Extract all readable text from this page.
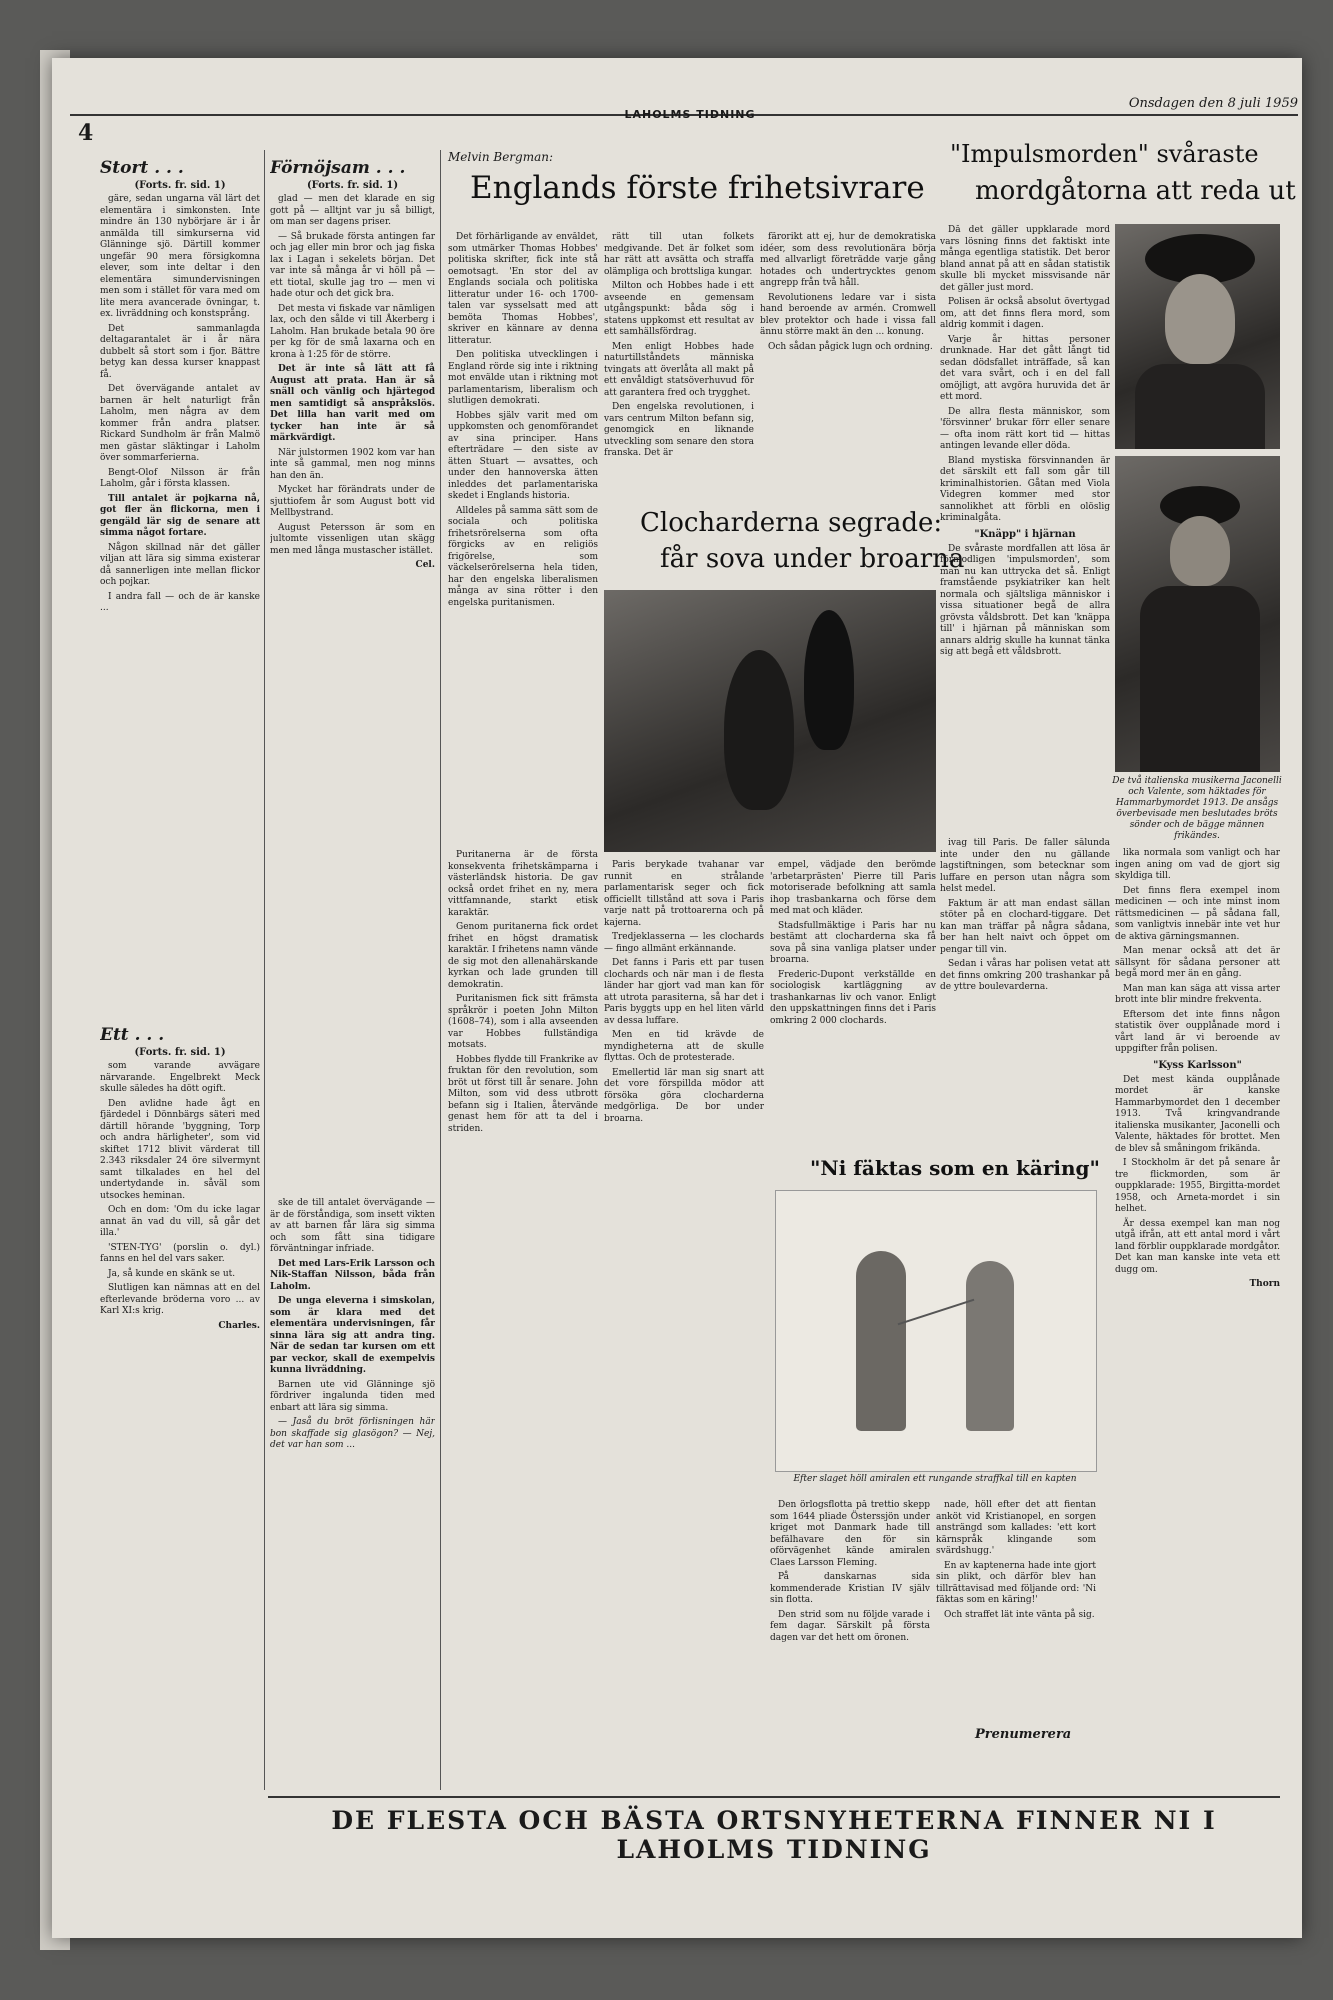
4
LAHOLMS TIDNING
Onsdagen den 8 juli 1959
Stort . . .
(Forts. fr. sid. 1)

gäre, sedan ungarna väl lärt det elementära i simkonsten. Inte mindre än 130 nybörjare är i år anmälda till simkurserna vid Glänninge sjö. Därtill kommer ungefär 90 mera försigkomna elever, som inte deltar i den elementära simundervisningen men som i stället för vara med om lite mera avancerade övningar, t. ex. livräddning och konstsprång.

Det sammanlagda deltagarantalet är i år nära dubbelt så stort som i fjor. Bättre betyg kan dessa kurser knappast få.

Det övervägande antalet av barnen är helt naturligt från Laholm, men några av dem kommer från andra platser. Rickard Sundholm är från Malmö men gästar släktingar i Laholm över sommarferierna.

Bengt-Olof Nilsson är från Laholm, går i första klassen.

Till antalet är pojkarna nå, got fler än flickorna, men i gengäld lär sig de senare att simma något fortare.

Någon skillnad när det gäller viljan att lära sig simma existerar då sannerligen inte mellan flickor och pojkar.

I andra fall — och de är kanske ...

Ett . . .
(Forts. fr. sid. 1)

som varande avvägare närvarande. Engelbrekt Meck skulle säledes ha dött ogift.

Den avlidne hade ågt en fjärdedel i Dönnbärgs säteri med därtill hörande 'byggning, Torp och andra härligheter', som vid skiftet 1712 blivit värderat till 2.343 riksdaler 24 öre silvermynt samt tilkalades en hel del undertydande in. såväl som utsockes heminan.

Och en dom: 'Om du icke lagar annat än vad du vill, så går det illa.'

'STEN-TYG' (porslin o. dyl.) fanns en hel del vars saker.

Ja, så kunde en skänk se ut.

Slutligen kan nämnas att en del efterlevande bröderna voro ... av Karl XI:s krig.

Charles.
Förnöjsam . . .
(Forts. fr. sid. 1)

glad — men det klarade en sig gott på — alltjnt var ju så billigt, om man ser dagens priser.

— Så brukade första antingen far och jag eller min bror och jag fiska lax i Lagan i sekelets början. Det var inte så många år vi höll på — ett tiotal, skulle jag tro — men vi hade otur och det gick bra.

Det mesta vi fiskade var nämligen lax, och den sålde vi till Åkerberg i Laholm. Han brukade betala 90 öre per kg för de små laxarna och en krona à 1:25 för de större.

Det är inte så lätt att få August att prata. Han är så snäll och vänlig och hjärtegod men samtidigt så anspråkslös. Det lilla han varit med om tycker han inte är så märkvärdigt.

När julstormen 1902 kom var han inte så gammal, men nog minns han den än.

Mycket har förändrats under de sjuttiofem år som August bott vid Mellbystrand.

August Petersson är som en jultomte vissenligen utan skägg men med långa mustascher istället.

Cel.

ske de till antalet övervägande — är de förståndiga, som insett vikten av att barnen får lära sig simma och som fått sina tidigare förväntningar infriade.

Det med Lars-Erik Larsson och Nik-Staffan Nilsson, båda från Laholm.

De unga eleverna i simskolan, som är klara med det elementära undervisningen, får sinna lära sig att andra ting. När de sedan tar kursen om ett par veckor, skall de exempelvis kunna livräddning.

Barnen ute vid Glänninge sjö fördriver ingalunda tiden med enbart att lära sig simma.

— Jaså du bröt förlisningen här bon skaffade sig glasögon? — Nej, det var han som ...

Melvin Bergman:
Englands förste frihetsivrare

Det förhärligande av envåldet, som utmärker Thomas Hobbes' politiska skrifter, fick inte stå oemotsagt. 'En stor del av Englands sociala och politiska litteratur under 16- och 1700-talen var sysselsatt med att bemöta Thomas Hobbes', skriver en kännare av denna litteratur.

Den politiska utvecklingen i England rörde sig inte i riktning mot envälde utan i riktning mot parlamentarism, liberalism och slutligen demokrati.

Hobbes själv varit med om uppkomsten och genomförandet av sina principer. Hans efterträdare — den siste av ätten Stuart — avsattes, och under den hannoverska ätten inleddes det parlamentariska skedet i Englands historia.

Alldeles på samma sätt som de sociala och politiska frihetsrörelserna som ofta förgicks av en religiös frigörelse, som väckelserörelserna hela tiden, har den engelska liberalismen många av sina rötter i den engelska puritanismen.

rätt till utan folkets medgivande. Det är folket som har rätt att avsätta och straffa olämpliga och brottsliga kungar.

Milton och Hobbes hade i ett avseende en gemensam utgångspunkt: båda sög i statens uppkomst ett resultat av ett samhällsfördrag.

Men enligt Hobbes hade naturtillståndets människa tvingats att överlåta all makt på ett envåldigt statsöverhuvud för att garantera fred och trygghet.

Den engelska revolutionen, i vars centrum Milton befann sig, genomgick en liknande utveckling som senare den stora franska. Det är

färorikt att ej, hur de demokratiska idéer, som dess revolutionära börja med allvarligt företrädde varje gång hotades och undertrycktes genom angrepp från två håll.

Revolutionens ledare var i sista hand beroende av armén. Cromwell blev protektor och hade i vissa fall ännu större makt än den ... konung.

Och sådan pågick lugn och ordning.

Puritanerna är de första konsekventa frihetskämparna i västerländsk historia. De gav också ordet frihet en ny, mera vittfamnande, starkt etisk karaktär.

Genom puritanerna fick ordet frihet en högst dramatisk karaktär. I frihetens namn vände de sig mot den allenahärskande kyrkan och lade grunden till demokratin.

Puritanismen fick sitt främsta språkrör i poeten John Milton (1608–74), som i alla avseenden var Hobbes fullständiga motsats.

Hobbes flydde till Frankrike av fruktan för den revolution, som bröt ut först till år senare. John Milton, som vid dess utbrott befann sig i Italien, återvände genast hem för att ta del i striden.

Clocharderna segrade:
får sova under broarna

Paris berykade tvahanar var runnit en strålande parlamentarisk seger och fick officiellt tillstånd att sova i Paris varje natt på trottoarerna och på kajerna.

Tredjeklasserna — les clochards — fingo allmänt erkännande.

Det fanns i Paris ett par tusen clochards och när man i de flesta länder har gjort vad man kan för att utrota parasiterna, så har det i Paris byggts upp en hel liten värld av dessa luffare.

Men en tid krävde de myndigheterna att de skulle flyttas. Och de protesterade.

Emellertid lär man sig snart att det vore förspillda mödor att försöka göra clocharderna medgörliga. De bor under broarna.

empel, vädjade den berömde 'arbetarprästen' Pierre till Paris motoriserade befolkning att samla ihop trasbankarna och förse dem med mat och kläder.

Stadsfullmäktige i Paris har nu bestämt att clocharderna ska få sova på sina vanliga platser under broarna.

Frederic-Dupont verkställde en sociologisk kartläggning av trashankarnas liv och vanor. Enligt den uppskattningen finns det i Paris omkring 2 000 clochards.

"Ni fäktas som en käring"
Efter slaget höll amiralen ett rungande straffkal till en kapten

Den örlogsflotta på trettio skepp som 1644 pliade Österssjön under kriget mot Danmark hade till befälhavare den för sin oförvägenhet kände amiralen Claes Larsson Fleming.

På danskarnas sida kommenderade Kristian IV själv sin flotta.

Den strid som nu följde varade i fem dagar. Särskilt på första dagen var det hett om öronen.

nade, höll efter det att fientan anköt vid Kristianopel, en sorgen ansträngd som kallades: 'ett kort kärnspråk klingande som svärdshugg.'

En av kaptenerna hade inte gjort sin plikt, och därför blev han tillrättavisad med följande ord: 'Ni fäktas som en käring!'

Och straffet lät inte vänta på sig.

Prenumerera
"Impulsmorden" svåraste
mordgåtorna att reda ut

Då det gäller uppklarade mord vars lösning finns det faktiskt inte många egentliga statistik. Det beror bland annat på att en sådan statistik skulle bli mycket missvisande när det gäller just mord.

Polisen är också absolut övertygad om, att det finns flera mord, som aldrig kommit i dagen.

Varje år hittas personer drunknade. Har det gått långt tid sedan dödsfallet inträffade, så kan det vara svårt, och i en del fall omöjligt, att avgöra huruvida det är ett mord.

De allra flesta människor, som 'försvinner' brukar förr eller senare — ofta inom rätt kort tid — hittas antingen levande eller döda.

Bland mystiska försvinnanden är det särskilt ett fall som går till kriminalhistorien. Gåtan med Viola Videgren kommer med stor sannolikhet att förbli en olöslig kriminalgåta.

"Knäpp" i hjärnan

De svåraste mordfallen att lösa är förmodligen 'impulsmorden', som man nu kan uttrycka det så. Enligt framstående psykiatriker kan helt normala och själtsliga människor i vissa situationer begå de allra grövsta våldsbrott. Det kan 'knäppa till' i hjärnan på människan som annars aldrig skulle ha kunnat tänka sig att begå ett våldsbrott.

De två italienska musikerna Jaconelli och Valente, som häktades för Hammarbymordet 1913. De ansågs överbevisade men beslutades bröts sönder och de bägge männen frikändes.

lika normala som vanligt och har ingen aning om vad de gjort sig skyldiga till.

Det finns flera exempel inom medicinen — och inte minst inom rättsmedicinen — på sådana fall, som vanligtvis innebär inte vet hur de aktiva gärningsmannen.

Man menar också att det är sällsynt för sådana personer att begå mord mer än en gång.

Man man kan säga att vissa arter brott inte blir mindre frekventa.

Eftersom det inte finns någon statistik över oupplånade mord i vårt land är vi beroende av uppgifter från polisen.

"Kyss Karlsson"

Det mest kända oupplånade mordet är kanske Hammarbymordet den 1 december 1913. Två kringvandrande italienska musikanter, Jaconelli och Valente, häktades för brottet. Men de blev så småningom frikända.

I Stockholm är det på senare år tre flickmorden, som är ouppklarade: 1955, Birgitta-mordet 1958, och Arneta-mordet i sin helhet.

Är dessa exempel kan man nog utgå ifrån, att ett antal mord i vårt land förblir ouppklarade mordgåtor. Det kan man kanske inte veta ett dugg om.

Thorn

ivag till Paris. De faller sålunda inte under den nu gällande lagstiftningen, som betecknar som luffare en person utan några som helst medel.

Faktum är att man endast sällan stöter på en clochard-tiggare. Det kan man träffar på några sådana, ber han helt naivt och öppet om pengar till vin.

Sedan i våras har polisen vetat att det finns omkring 200 trashankar på de yttre boulevarderna.

DE FLESTA OCH BÄSTA ORTSNYHETERNA FINNER NI I LAHOLMS TIDNING
